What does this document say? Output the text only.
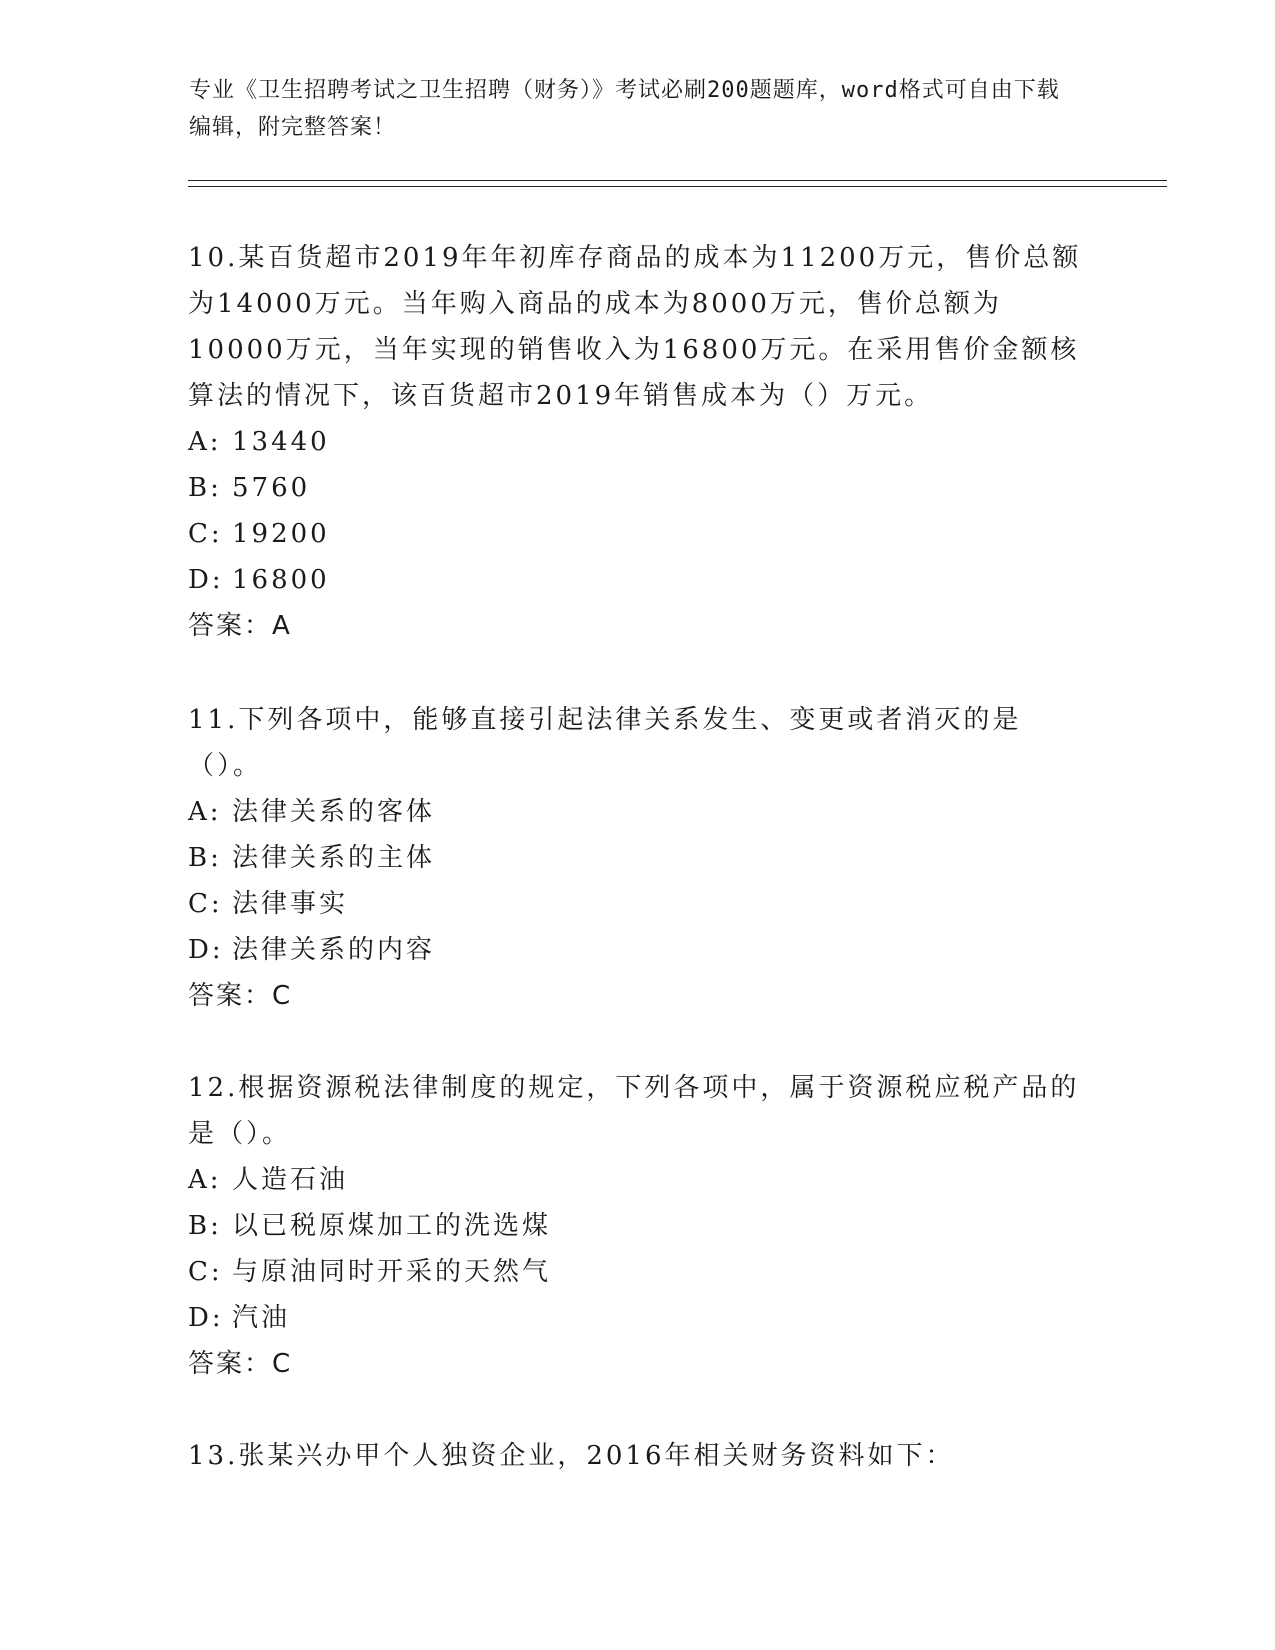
专业《卫生招聘考试之卫生招聘（财务）》考试必刷200题题库，word格式可自由下载编辑，附完整答案！
10.某百货超市2019年年初库存商品的成本为11200万元，售价总额为14000万元。当年购入商品的成本为8000万元，售价总额为10000万元，当年实现的销售收入为16800万元。在采用售价金额核算法的情况下，该百货超市2019年销售成本为（）万元。
A: 13440
B: 5760
C: 19200
D: 16800
答案：A
11.下列各项中，能够直接引起法律关系发生、变更或者消灭的是（）。
A: 法律关系的客体
B: 法律关系的主体
C: 法律事实
D: 法律关系的内容
答案：C
12.根据资源税法律制度的规定，下列各项中，属于资源税应税产品的是（）。
A: 人造石油
B: 以已税原煤加工的洗选煤
C: 与原油同时开采的天然气
D: 汽油
答案：C
13.张某兴办甲个人独资企业，2016年相关财务资料如下：
